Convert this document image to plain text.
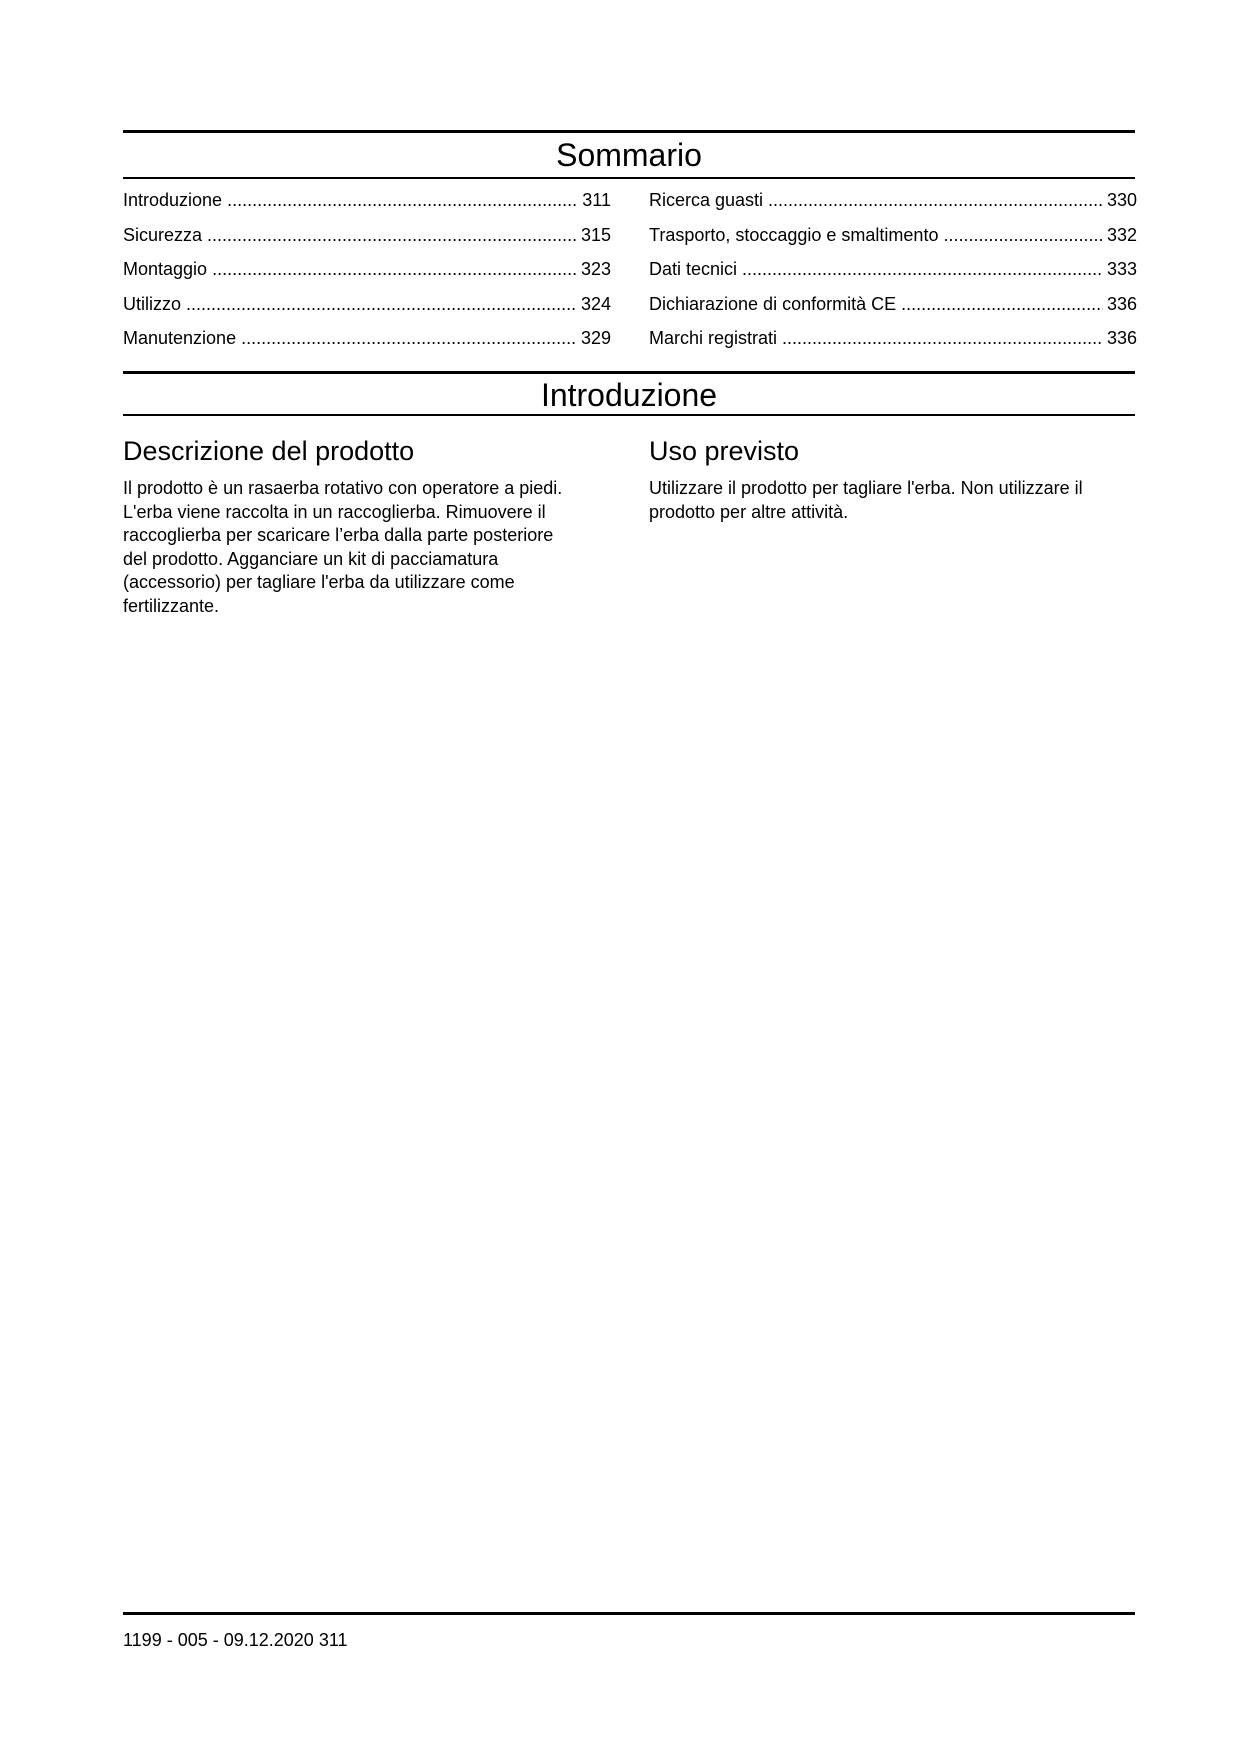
Sommario
Introduzione .....	311
Sicurezza .....	315
Montaggio .....	323
Utilizzo .....	324
Manutenzione .....	329
Ricerca guasti .....	330
Trasporto, stoccaggio e smaltimento .....	332
Dati tecnici .....	333
Dichiarazione di conformità CE .....	336
Marchi registrati .....	336
Introduzione
Descrizione del prodotto
Il prodotto è un rasaerba rotativo con operatore a piedi.
L'erba viene raccolta in un raccoglierba. Rimuovere il
raccoglierba per scaricare l’erba dalla parte posteriore
del prodotto. Agganciare un kit di pacciamatura
(accessorio) per tagliare l'erba da utilizzare come
fertilizzante.
Uso previsto
Utilizzare il prodotto per tagliare l'erba. Non utilizzare il
prodotto per altre attività.
1199 - 005 - 09.12.2020 311
